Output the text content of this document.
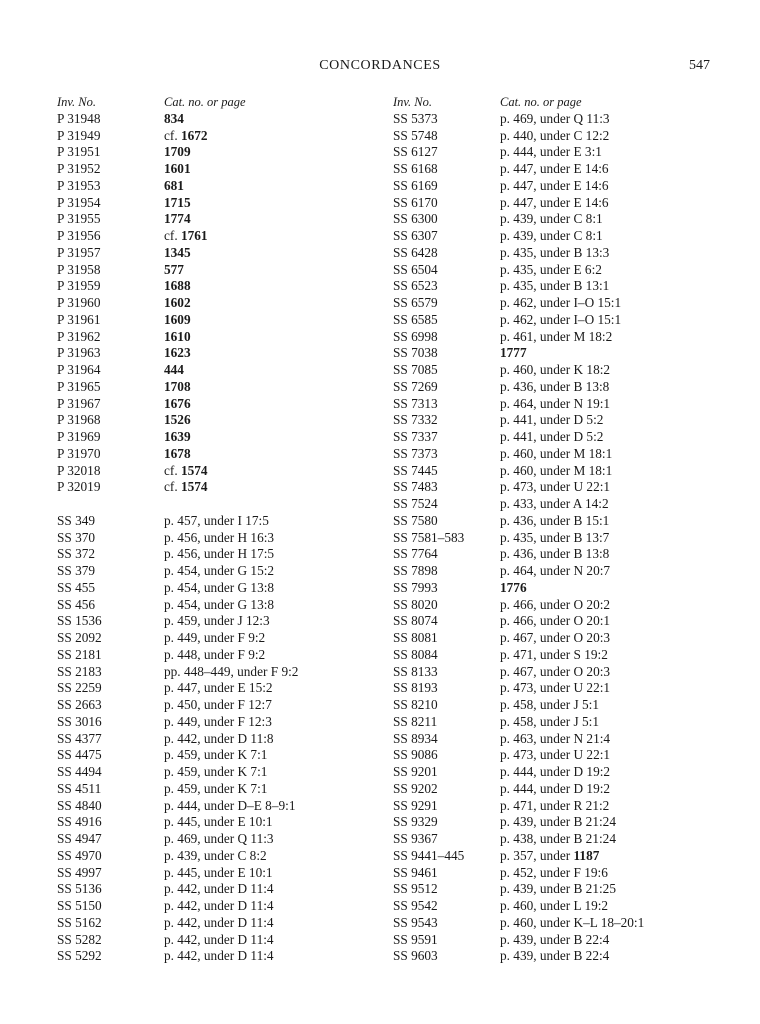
CONCORDANCES	547
Inv. No.	Cat. no. or page
P 31948	834
P 31949	cf. 1672
P 31951	1709
P 31952	1601
P 31953	681
P 31954	1715
P 31955	1774
P 31956	cf. 1761
P 31957	1345
P 31958	577
P 31959	1688
P 31960	1602
P 31961	1609
P 31962	1610
P 31963	1623
P 31964	444
P 31965	1708
P 31967	1676
P 31968	1526
P 31969	1639
P 31970	1678
P 32018	cf. 1574
P 32019	cf. 1574
SS 349	p. 457, under I 17:5
SS 370	p. 456, under H 16:3
SS 372	p. 456, under H 17:5
SS 379	p. 454, under G 15:2
SS 455	p. 454, under G 13:8
SS 456	p. 454, under G 13:8
SS 1536	p. 459, under J 12:3
SS 2092	p. 449, under F 9:2
SS 2181	p. 448, under F 9:2
SS 2183	pp. 448–449, under F 9:2
SS 2259	p. 447, under E 15:2
SS 2663	p. 450, under F 12:7
SS 3016	p. 449, under F 12:3
SS 4377	p. 442, under D 11:8
SS 4475	p. 459, under K 7:1
SS 4494	p. 459, under K 7:1
SS 4511	p. 459, under K 7:1
SS 4840	p. 444, under D–E 8–9:1
SS 4916	p. 445, under E 10:1
SS 4947	p. 469, under Q 11:3
SS 4970	p. 439, under C 8:2
SS 4997	p. 445, under E 10:1
SS 5136	p. 442, under D 11:4
SS 5150	p. 442, under D 11:4
SS 5162	p. 442, under D 11:4
SS 5282	p. 442, under D 11:4
SS 5292	p. 442, under D 11:4
Inv. No.	Cat. no. or page
SS 5373	p. 469, under Q 11:3
SS 5748	p. 440, under C 12:2
SS 6127	p. 444, under E 3:1
SS 6168	p. 447, under E 14:6
SS 6169	p. 447, under E 14:6
SS 6170	p. 447, under E 14:6
SS 6300	p. 439, under C 8:1
SS 6307	p. 439, under C 8:1
SS 6428	p. 435, under B 13:3
SS 6504	p. 435, under E 6:2
SS 6523	p. 435, under B 13:1
SS 6579	p. 462, under I–O 15:1
SS 6585	p. 462, under I–O 15:1
SS 6998	p. 461, under M 18:2
SS 7038	1777
SS 7085	p. 460, under K 18:2
SS 7269	p. 436, under B 13:8
SS 7313	p. 464, under N 19:1
SS 7332	p. 441, under D 5:2
SS 7337	p. 441, under D 5:2
SS 7373	p. 460, under M 18:1
SS 7445	p. 460, under M 18:1
SS 7483	p. 473, under U 22:1
SS 7524	p. 433, under A 14:2
SS 7580	p. 436, under B 15:1
SS 7581–583	p. 435, under B 13:7
SS 7764	p. 436, under B 13:8
SS 7898	p. 464, under N 20:7
SS 7993	1776
SS 8020	p. 466, under O 20:2
SS 8074	p. 466, under O 20:1
SS 8081	p. 467, under O 20:3
SS 8084	p. 471, under S 19:2
SS 8133	p. 467, under O 20:3
SS 8193	p. 473, under U 22:1
SS 8210	p. 458, under J 5:1
SS 8211	p. 458, under J 5:1
SS 8934	p. 463, under N 21:4
SS 9086	p. 473, under U 22:1
SS 9201	p. 444, under D 19:2
SS 9202	p. 444, under D 19:2
SS 9291	p. 471, under R 21:2
SS 9329	p. 439, under B 21:24
SS 9367	p. 438, under B 21:24
SS 9441–445	p. 357, under 1187
SS 9461	p. 452, under F 19:6
SS 9512	p. 439, under B 21:25
SS 9542	p. 460, under L 19:2
SS 9543	p. 460, under K–L 18–20:1
SS 9591	p. 439, under B 22:4
SS 9603	p. 439, under B 22:4
